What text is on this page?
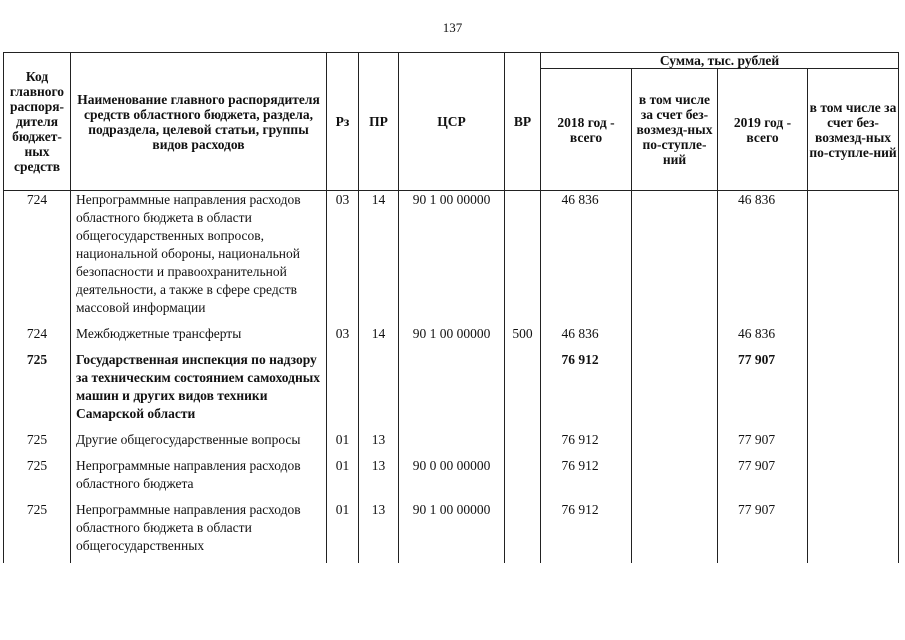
137
Код главного распоря-дителя бюджет-ных средств	Наименование главного распорядителя средств областного бюджета, раздела, подраздела, целевой статьи, группы видов расходов	Рз	ПР	ЦСР	ВР	Сумма, тыс. рублей			
						2018 год - всего	в том числе за счет без-возмезд-ных по-ступле-ний	2019 год - всего	в том числе за счет без-возмезд-ных по-ступле-ний
724	Непрограммные направления расходов областного бюджета в области общегосударственных вопросов, национальной обороны, национальной безопасности и правоохранительной деятельности, а также в сфере средств массовой информации	03	14	90 1 00 00000		46 836		46 836	
724	Межбюджетные трансферты	03	14	90 1 00 00000	500	46 836		46 836	
725	Государственная инспекция по надзору за техническим состоянием самоходных машин и других видов техники Самарской области					76 912		77 907	
725	Другие общегосударственные вопросы	01	13			76 912		77 907	
725	Непрограммные направления расходов областного бюджета	01	13	90 0 00 00000		76 912		77 907	
725	Непрограммные направления расходов областного бюджета в области общегосударственных	01	13	90 1 00 00000		76 912		77 907	
